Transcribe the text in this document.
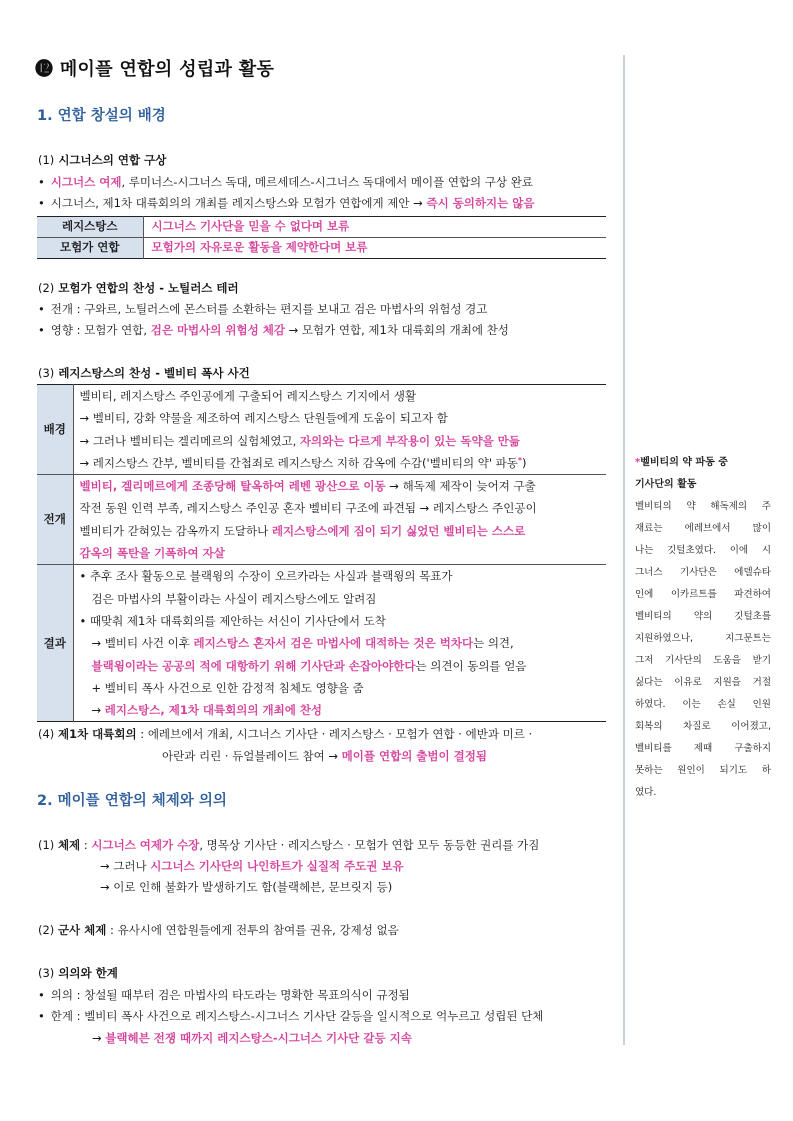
⓬ 메이플 연합의 성립과 활동
1. 연합 창설의 배경
(1) 시그너스의 연합 구상
• 시그너스 여제, 루미너스-시그너스 독대, 메르세데스-시그너스 독대에서 메이플 연합의 구상 완료
• 시그너스, 제1차 대륙회의의 개최를 레지스탕스와 모험가 연합에게 제안 → 즉시 동의하지는 않음
레지스탕스	시그너스 기사단을 믿을 수 없다며 보류
모험가 연합	모험가의 자유로운 활동을 제약한다며 보류
(2) 모험가 연합의 찬성 - 노틸러스 테러
• 전개 : 구와르, 노틸러스에 몬스터를 소환하는 편지를 보내고 검은 마법사의 위험성 경고
• 영향 : 모험가 연합, 검은 마법사의 위험성 체감 → 모험가 연합, 제1차 대륙회의 개최에 찬성
(3) 레지스탕스의 찬성 - 벨비티 폭사 사건
배경	벨비티, 레지스탕스 주인공에게 구출되어 레지스탕스 기지에서 생활
→ 벨비티, 강화 약물을 제조하여 레지스탕스 단원들에게 도움이 되고자 함
→ 그러나 벨비티는 겔리메르의 실험체였고, 자의와는 다르게 부작용이 있는 독약을 만듦
→ 레지스탕스 간부, 벨비티를 간첩죄로 레지스탕스 지하 감옥에 수감('벨비티의 약' 파동*)

전개	벨비티, 겔리메르에게 조종당해 탈옥하여 레벤 광산으로 이동 → 해독제 제작이 늦어져 구출
작전 동원 인력 부족, 레지스탕스 주인공 혼자 벨비티 구조에 파견됨 → 레지스탕스 주인공이
벨비티가 갇혀있는 감옥까지 도달하나 레지스탕스에게 짐이 되기 싫었던 벨비티는 스스로
감옥의 폭탄을 기폭하여 자살

결과	
• 추후 조사 활동으로 블랙윙의 수장이 오르카라는 사실과 블랙윙의 목표가
검은 마법사의 부활이라는 사실이 레지스탕스에도 알려짐
• 때맞춰 제1차 대륙회의를 제안하는 서신이 기사단에서 도착
→ 벨비티 사건 이후 레지스탕스 혼자서 검은 마법사에 대적하는 것은 벅차다는 의견,
블랙윙이라는 공공의 적에 대항하기 위해 기사단과 손잡아야한다는 의견이 동의를 얻음
+ 벨비티 폭사 사건으로 인한 감정적 침체도 영향을 줌
→ 레지스탕스, 제1차 대륙회의의 개최에 찬성
(4) 제1차 대륙회의 : 에레브에서 개최, 시그너스 기사단 · 레지스탕스 · 모험가 연합 · 에반과 미르 ·
아란과 리린 · 듀얼블레이드 참여 → 메이플 연합의 출범이 결정됨
2. 메이플 연합의 체제와 의의
(1) 체제 : 시그너스 여제가 수장, 명목상 기사단 · 레지스탕스 · 모험가 연합 모두 동등한 권리를 가짐
→ 그러나 시그너스 기사단의 나인하트가 실질적 주도권 보유
→ 이로 인해 불화가 발생하기도 함(블랙헤븐, 문브릿지 등)
(2) 군사 체제 : 유사시에 연합원들에게 전투의 참여를 권유, 강제성 없음
(3) 의의와 한계
• 의의 : 창설될 때부터 검은 마법사의 타도라는 명확한 목표의식이 규정됨
• 한계 : 벨비티 폭사 사건으로 레지스탕스-시그너스 기사단 갈등을 일시적으로 억누르고 성립된 단체
→ 블랙헤븐 전쟁 때까지 레지스탕스-시그너스 기사단 갈등 지속
*벨비티의 약 파동 중
기사단의 활동
벨비티의 약 해독제의 주
재료는 에레브에서 많이
나는 깃털초였다. 이에 시
그너스 기사단은 에델슈타
인에 이카르트를 파견하여
벨비티의 약의 깃털초를
지원하였으나, 지그문트는
그저 기사단의 도움을 받기
싫다는 이유로 지원을 거절
하였다. 이는 손실 인원
회복의 차질로 이어졌고,
벨비티를 제때 구출하지
못하는 원인이 되기도 하
였다.
